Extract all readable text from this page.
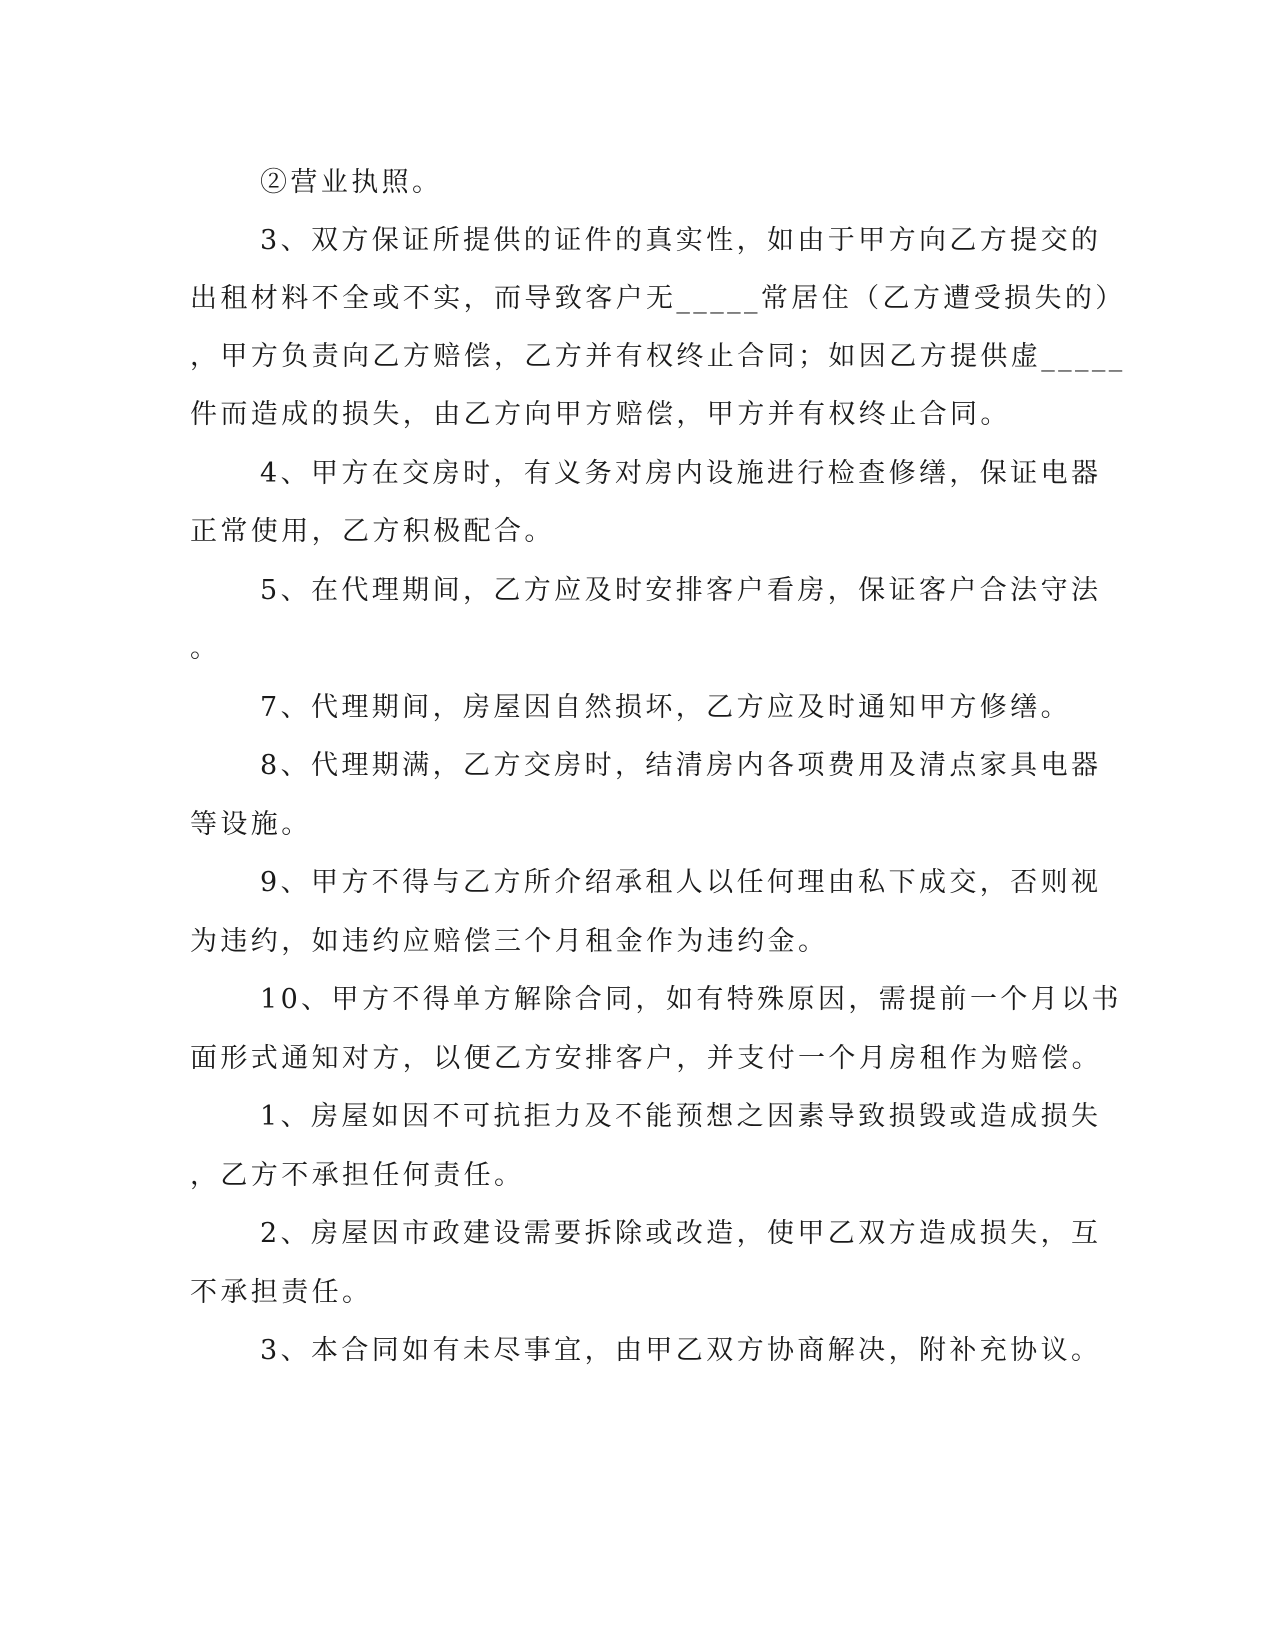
②营业执照。
3、双方保证所提供的证件的真实性，如由于甲方向乙方提交的
出租材料不全或不实，而导致客户无_____常居住（乙方遭受损失的）
，甲方负责向乙方赔偿，乙方并有权终止合同；如因乙方提供虚_____
件而造成的损失，由乙方向甲方赔偿，甲方并有权终止合同。
4、甲方在交房时，有义务对房内设施进行检查修缮，保证电器
正常使用，乙方积极配合。
5、在代理期间，乙方应及时安排客户看房，保证客户合法守法
。
7、代理期间，房屋因自然损坏，乙方应及时通知甲方修缮。
8、代理期满，乙方交房时，结清房内各项费用及清点家具电器
等设施。
9、甲方不得与乙方所介绍承租人以任何理由私下成交，否则视
为违约，如违约应赔偿三个月租金作为违约金。
10、甲方不得单方解除合同，如有特殊原因，需提前一个月以书
面形式通知对方，以便乙方安排客户，并支付一个月房租作为赔偿。
1、房屋如因不可抗拒力及不能预想之因素导致损毁或造成损失
，乙方不承担任何责任。
2、房屋因市政建设需要拆除或改造，使甲乙双方造成损失，互
不承担责任。
3、本合同如有未尽事宜，由甲乙双方协商解决，附补充协议。
